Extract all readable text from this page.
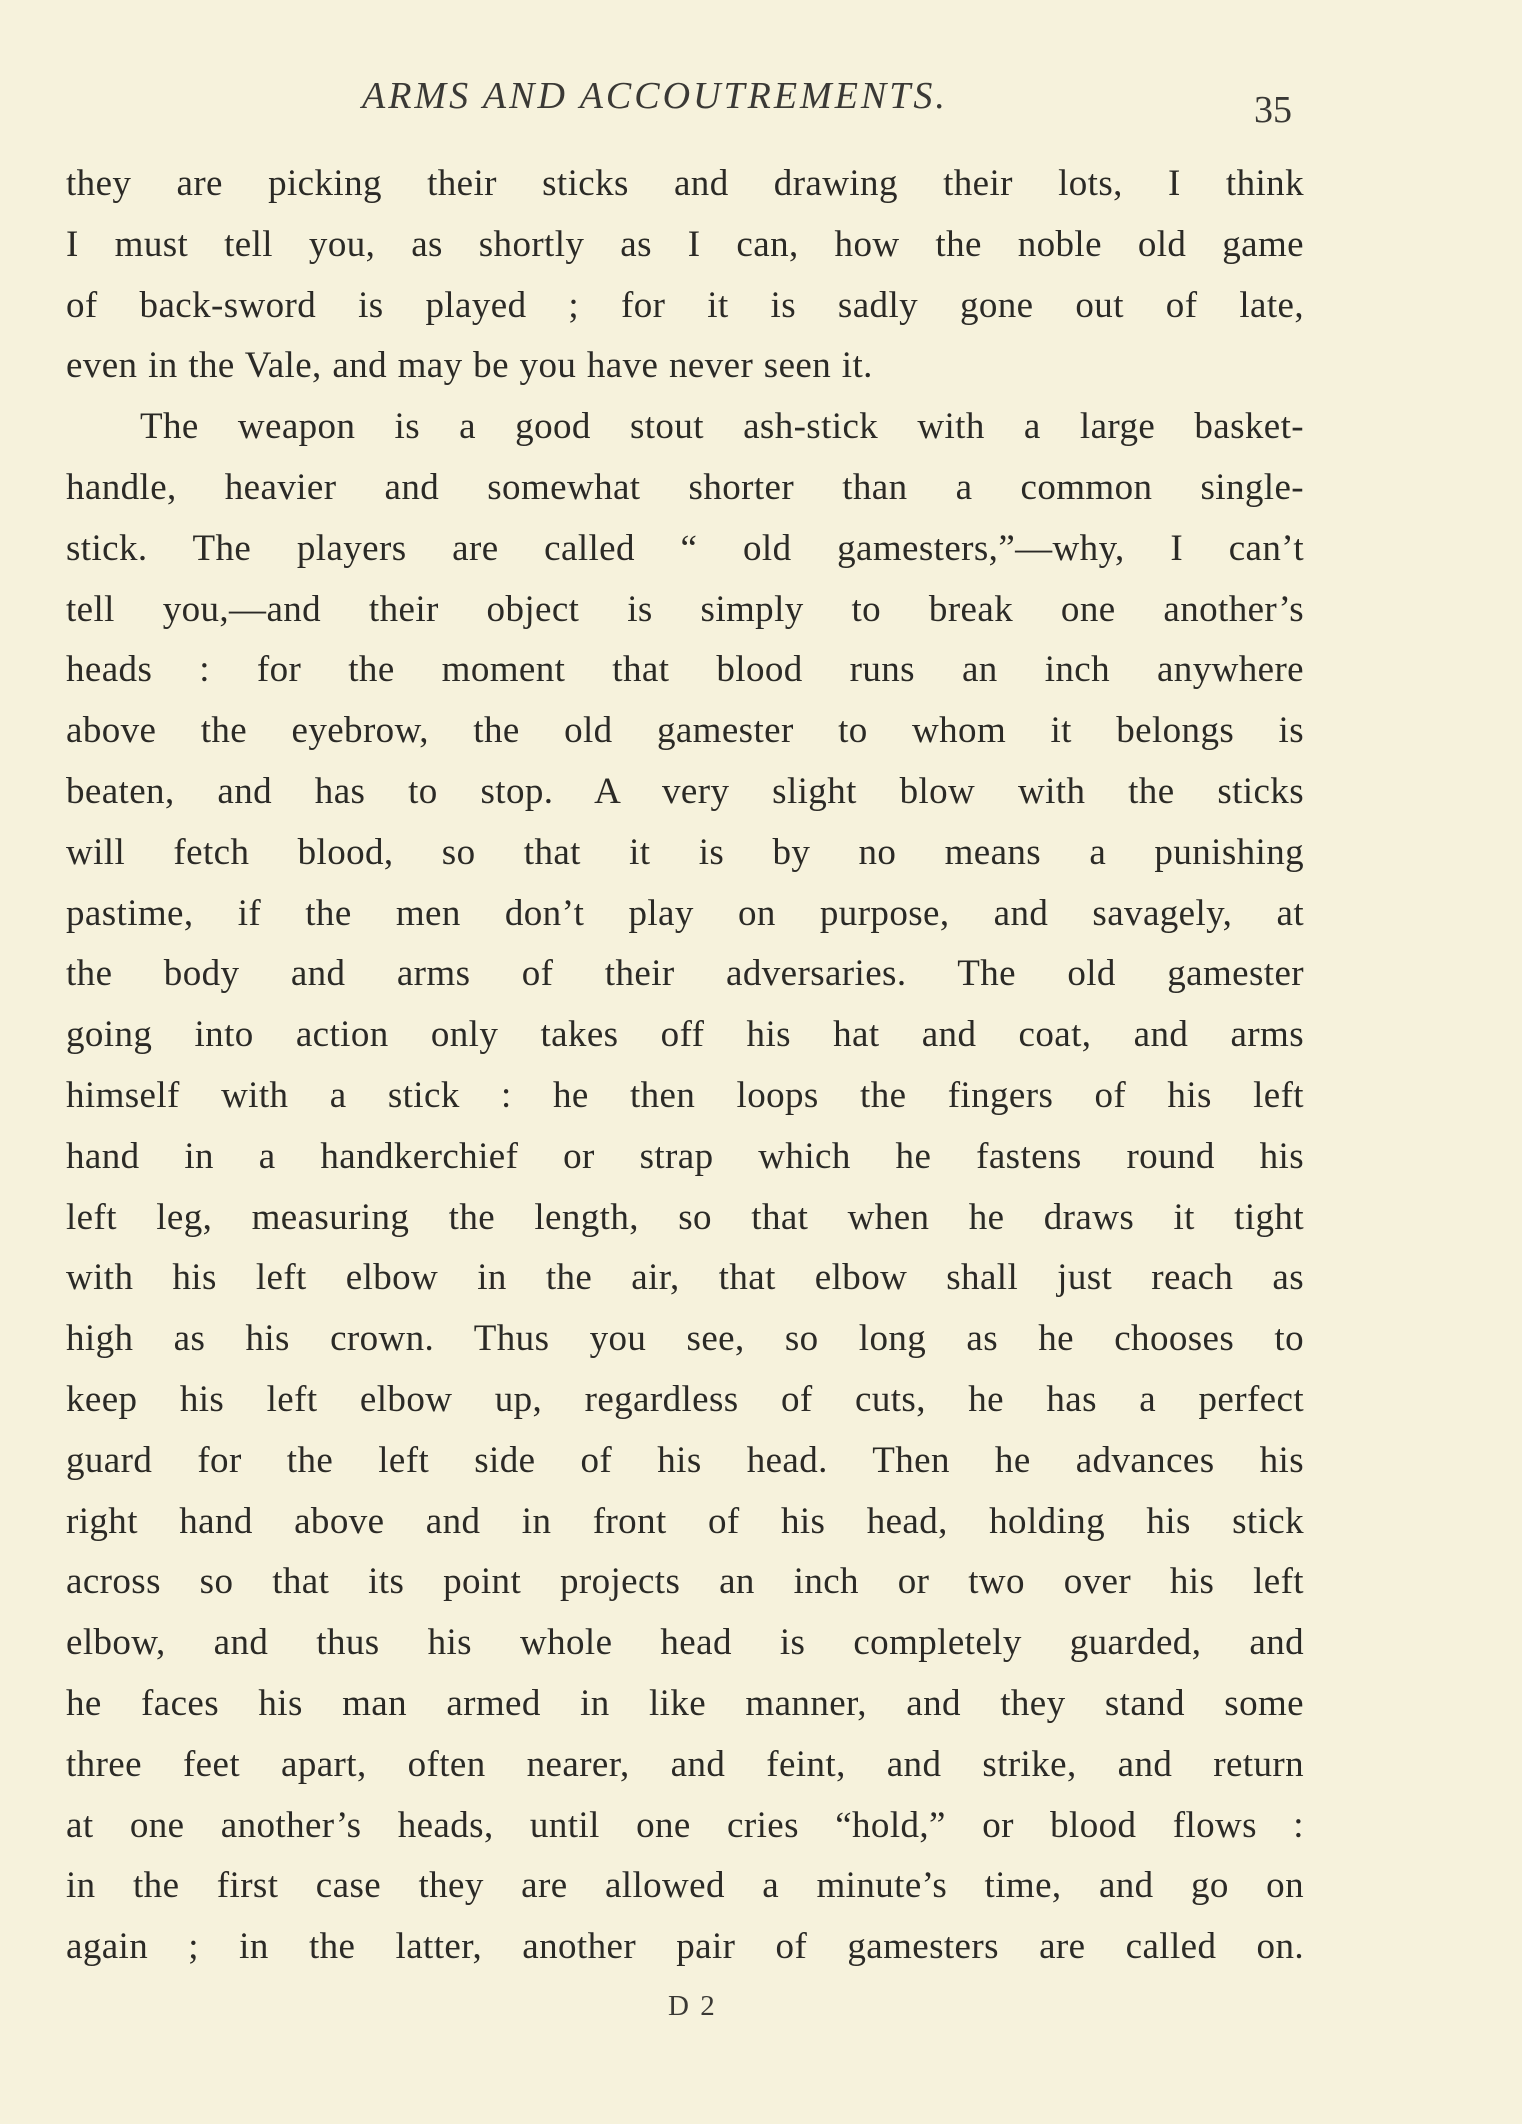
ARMS AND ACCOUTREMENTS.	35
they are picking their sticks and drawing their lots, I think
I must tell you, as shortly as I can, how the noble old game
of back-sword is played ; for it is sadly gone out of late,
even in the Vale, and may be you have never seen it.
The weapon is a good stout ash-stick with a large basket-
handle, heavier and somewhat shorter than a common single-
stick. The players are called “ old gamesters,”—why, I can’t
tell you,—and their object is simply to break one another’s
heads : for the moment that blood runs an inch anywhere
above the eyebrow, the old gamester to whom it belongs is
beaten, and has to stop. A very slight blow with the sticks
will fetch blood, so that it is by no means a punishing
pastime, if the men don’t play on purpose, and savagely, at
the body and arms of their adversaries. The old gamester
going into action only takes off his hat and coat, and arms
himself with a stick : he then loops the fingers of his left
hand in a handkerchief or strap which he fastens round his
left leg, measuring the length, so that when he draws it tight
with his left elbow in the air, that elbow shall just reach as
high as his crown. Thus you see, so long as he chooses to
keep his left elbow up, regardless of cuts, he has a perfect
guard for the left side of his head. Then he advances his
right hand above and in front of his head, holding his stick
across so that its point projects an inch or two over his left
elbow, and thus his whole head is completely guarded, and
he faces his man armed in like manner, and they stand some
three feet apart, often nearer, and feint, and strike, and return
at one another’s heads, until one cries “hold,” or blood flows :
in the first case they are allowed a minute’s time, and go on
again ; in the latter, another pair of gamesters are called on.
D 2
